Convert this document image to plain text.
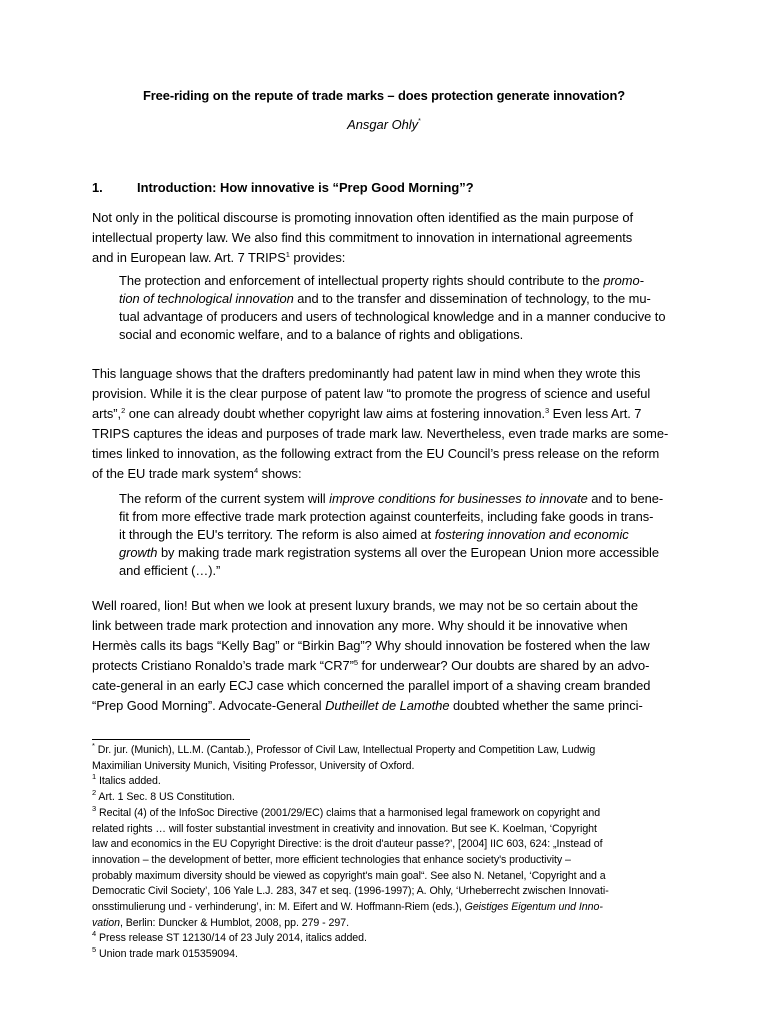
Free-riding on the repute of trade marks – does protection generate innovation?
Ansgar Ohly*
1.	Introduction: How innovative is “Prep Good Morning”?
Not only in the political discourse is promoting innovation often identified as the main purpose of
intellectual property law. We also find this commitment to innovation in international agreements
and in European law. Art. 7 TRIPS$^1$ provides:
The protection and enforcement of intellectual property rights should contribute to the promo-
tion of technological innovation and to the transfer and dissemination of technology, to the mu-
tual advantage of producers and users of technological knowledge and in a manner conducive to
social and economic welfare, and to a balance of rights and obligations.
This language shows that the drafters predominantly had patent law in mind when they wrote this
provision. While it is the clear purpose of patent law “to promote the progress of science and useful
arts”,$^2$ one can already doubt whether copyright law aims at fostering innovation.$^3$ Even less Art. 7
TRIPS captures the ideas and purposes of trade mark law. Nevertheless, even trade marks are some-
times linked to innovation, as the following extract from the EU Council’s press release on the reform
of the EU trade mark system$^4$ shows:
The reform of the current system will improve conditions for businesses to innovate and to bene-
fit from more effective trade mark protection against counterfeits, including fake goods in trans-
it through the EU's territory. The reform is also aimed at fostering innovation and economic
growth by making trade mark registration systems all over the European Union more accessible
and efficient (…).”
Well roared, lion! But when we look at present luxury brands, we may not be so certain about the
link between trade mark protection and innovation any more. Why should it be innovative when
Hermès calls its bags “Kelly Bag” or “Birkin Bag”? Why should innovation be fostered when the law
protects Cristiano Ronaldo’s trade mark “CR7”$^5$ for underwear? Our doubts are shared by an advo-
cate-general in an early ECJ case which concerned the parallel import of a shaving cream branded
“Prep Good Morning”. Advocate-General Dutheillet de Lamothe doubted whether the same princi-
* Dr. jur. (Munich), LL.M. (Cantab.), Professor of Civil Law, Intellectual Property and Competition Law, Ludwig
Maximilian University Munich, Visiting Professor, University of Oxford.
$^1$ Italics added.
$^2$ Art. 1 Sec. 8 US Constitution.
$^3$ Recital (4) of the InfoSoc Directive (2001/29/EC) claims that a harmonised legal framework on copyright and
related rights … will foster substantial investment in creativity and innovation. But see K. Koelman, ‘Copyright
law and economics in the EU Copyright Directive: is the droit d'auteur passe?’, [2004] IIC 603, 624: „Instead of
innovation – the development of better, more efficient technologies that enhance society's productivity –
probably maximum diversity should be viewed as copyright's main goal“. See also N. Netanel, ‘Copyright and a
Democratic Civil Society’, 106 Yale L.J. 283, 347 et seq. (1996-1997); A. Ohly, ‘Urheberrecht zwischen Innovati-
onsstimulierung und - verhinderung’, in: M. Eifert and W. Hoffmann-Riem (eds.), Geistiges Eigentum und Inno-
vation, Berlin: Duncker & Humblot, 2008, pp. 279 - 297.
$^4$ Press release ST 12130/14 of 23 July 2014, italics added.
$^5$ Union trade mark 015359094.
